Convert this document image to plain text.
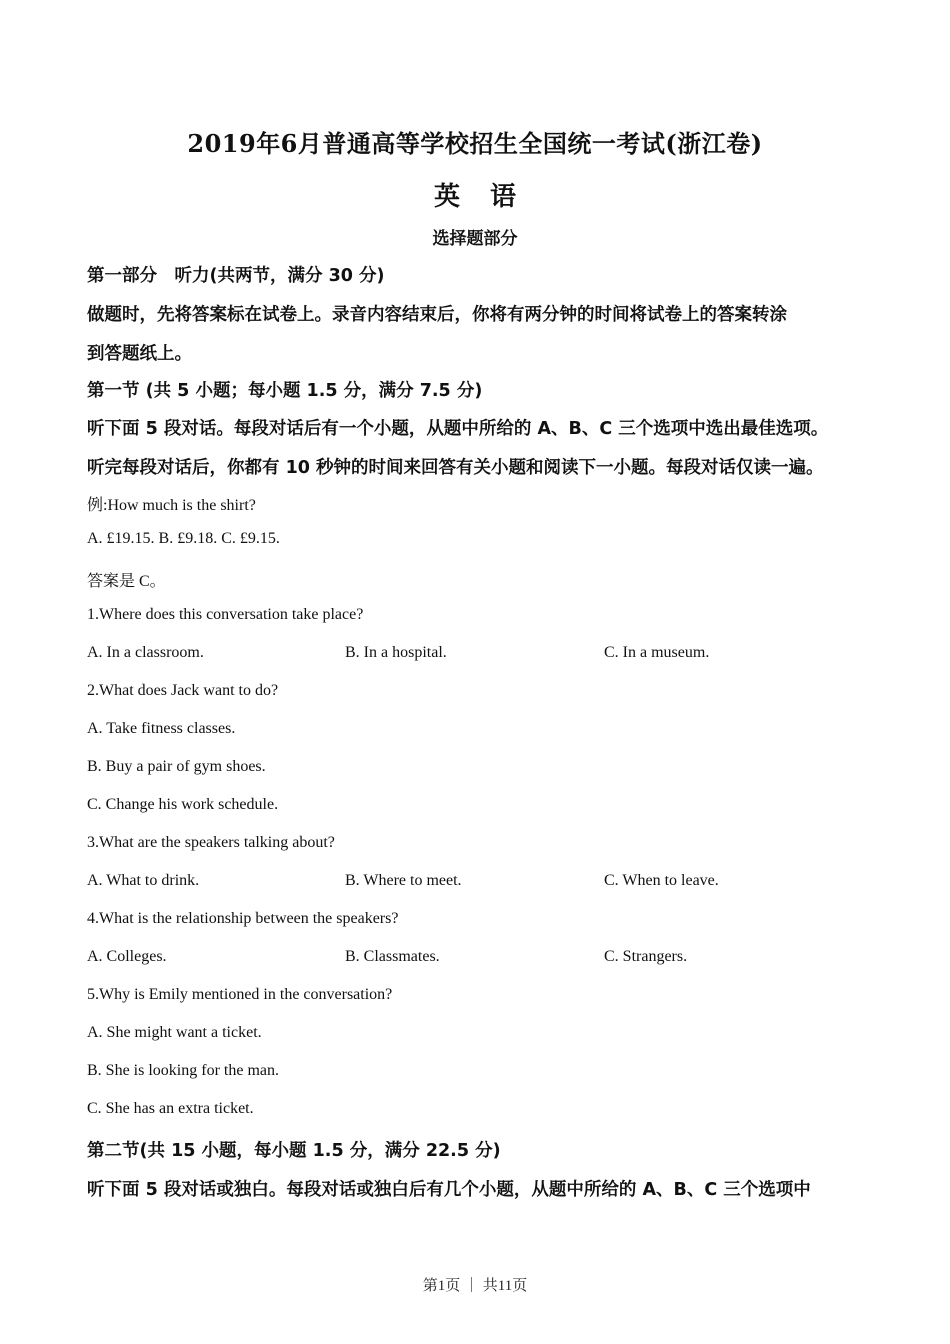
2019年6月普通高等学校招生全国统一考试(浙江卷)
英语
选择题部分
第一部分　听力(共两节，满分 30 分)
做题时，先将答案标在试卷上。录音内容结束后，你将有两分钟的时间将试卷上的答案转涂
到答题纸上。
第一节 (共 5 小题；每小题 1.5 分，满分 7.5 分)
听下面 5 段对话。每段对话后有一个小题，从题中所给的 A、B、C 三个选项中选出最佳选项。
听完每段对话后，你都有 10 秒钟的时间来回答有关小题和阅读下一小题。每段对话仅读一遍。
例:How much is the shirt?
A. £19.15. B. £9.18. C. £9.15.
答案是 C。
1.Where does this conversation take place?
A. In a classroom.	B. In a hospital.	C. In a museum.
2.What does Jack want to do?
A. Take fitness classes.
B. Buy a pair of gym shoes.
C. Change his work schedule.
3.What are the speakers talking about?
A. What to drink.	B. Where to meet.	C. When to leave.
4.What is the relationship between the speakers?
A. Colleges.	B. Classmates.	C. Strangers.
5.Why is Emily mentioned in the conversation?
A. She might want a ticket.
B. She is looking for the man.
C. She has an extra ticket.
第二节(共 15 小题，每小题 1.5 分，满分 22.5 分)
听下面 5 段对话或独白。每段对话或独白后有几个小题，从题中所给的 A、B、C 三个选项中
第1页 ｜ 共11页
